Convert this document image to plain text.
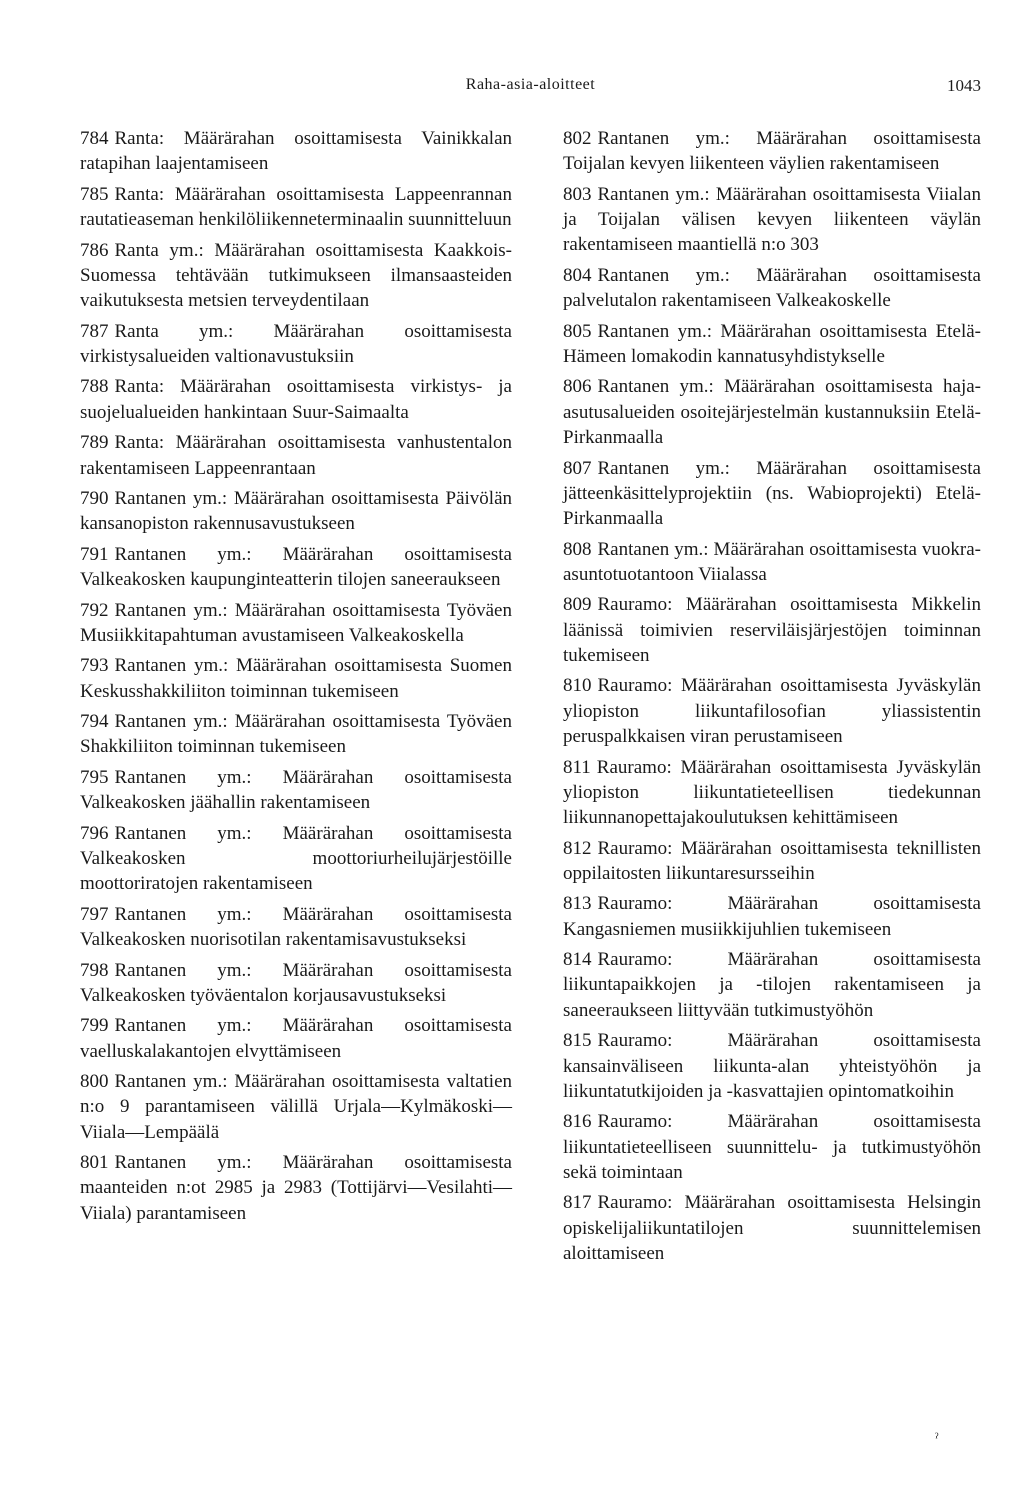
Raha-asia-aloitteet	1043

784 Ranta: Määrärahan osoittamisesta Vainikkalan ratapihan laajentamiseen

785 Ranta: Määrärahan osoittamisesta Lappeenrannan rautatieaseman henkilöliikenneterminaalin suunnitteluun

786 Ranta ym.: Määrärahan osoittamisesta Kaakkois-Suomessa tehtävään tutkimukseen ilmansaasteiden vaikutuksesta metsien terveydentilaan

787 Ranta ym.: Määrärahan osoittamisesta virkistysalueiden valtionavustuksiin

788 Ranta: Määrärahan osoittamisesta virkistys- ja suojelualueiden hankintaan Suur-Saimaalta

789 Ranta: Määrärahan osoittamisesta vanhustentalon rakentamiseen Lappeenrantaan

790 Rantanen ym.: Määrärahan osoittamisesta Päivölän kansanopiston rakennusavustukseen

791 Rantanen ym.: Määrärahan osoittamisesta Valkeakosken kaupunginteatterin tilojen saneeraukseen

792 Rantanen ym.: Määrärahan osoittamisesta Työväen Musiikkitapahtuman avustamiseen Valkeakoskella

793 Rantanen ym.: Määrärahan osoittamisesta Suomen Keskusshakkiliiton toiminnan tukemiseen

794 Rantanen ym.: Määrärahan osoittamisesta Työväen Shakkiliiton toiminnan tukemiseen

795 Rantanen ym.: Määrärahan osoittamisesta Valkeakosken jäähallin rakentamiseen

796 Rantanen ym.: Määrärahan osoittamisesta Valkeakosken moottoriurheilujärjestöille moottoriratojen rakentamiseen

797 Rantanen ym.: Määrärahan osoittamisesta Valkeakosken nuorisotilan rakentamisavustukseksi

798 Rantanen ym.: Määrärahan osoittamisesta Valkeakosken työväentalon korjausavustukseksi

799 Rantanen ym.: Määrärahan osoittamisesta vaelluskalakantojen elvyttämiseen

800 Rantanen ym.: Määrärahan osoittamisesta valtatien n:o 9 parantamiseen välillä Urjala—Kylmäkoski—Viiala—Lempäälä

801 Rantanen ym.: Määrärahan osoittamisesta maanteiden n:ot 2985 ja 2983 (Tottijärvi—Vesilahti—Viiala) parantamiseen

802 Rantanen ym.: Määrärahan osoittamisesta Toijalan kevyen liikenteen väylien rakentamiseen

803 Rantanen ym.: Määrärahan osoittamisesta Viialan ja Toijalan välisen kevyen liikenteen väylän rakentamiseen maantiellä n:o 303

804 Rantanen ym.: Määrärahan osoittamisesta palvelutalon rakentamiseen Valkeakoskelle

805 Rantanen ym.: Määrärahan osoittamisesta Etelä-Hämeen lomakodin kannatusyhdistykselle

806 Rantanen ym.: Määrärahan osoittamisesta haja-asutusalueiden osoitejärjestelmän kustannuksiin Etelä-Pirkanmaalla

807 Rantanen ym.: Määrärahan osoittamisesta jätteenkäsittelyprojektiin (ns. Wabioprojekti) Etelä-Pirkanmaalla

808 Rantanen ym.: Määrärahan osoittamisesta vuokra-asuntotuotantoon Viialassa

809 Rauramo: Määrärahan osoittamisesta Mikkelin läänissä toimivien reserviläisjärjestöjen toiminnan tukemiseen

810 Rauramo: Määrärahan osoittamisesta Jyväskylän yliopiston liikuntafilosofian yliassistentin peruspalkkaisen viran perustamiseen

811 Rauramo: Määrärahan osoittamisesta Jyväskylän yliopiston liikuntatieteellisen tiedekunnan liikunnanopettajakoulutuksen kehittämiseen

812 Rauramo: Määrärahan osoittamisesta teknillisten oppilaitosten liikuntaresursseihin

813 Rauramo: Määrärahan osoittamisesta Kangasniemen musiikkijuhlien tukemiseen

814 Rauramo: Määrärahan osoittamisesta liikuntapaikkojen ja -tilojen rakentamiseen ja saneeraukseen liittyvään tutkimustyöhön

815 Rauramo: Määrärahan osoittamisesta kansainväliseen liikunta-alan yhteistyöhön ja liikuntatutkijoiden ja -kasvattajien opintomatkoihin

816 Rauramo: Määrärahan osoittamisesta liikuntatieteelliseen suunnittelu- ja tutkimustyöhön sekä toimintaan

817 Rauramo: Määrärahan osoittamisesta Helsingin opiskelijaliikuntatilojen suunnittelemisen aloittamiseen

ˀ
